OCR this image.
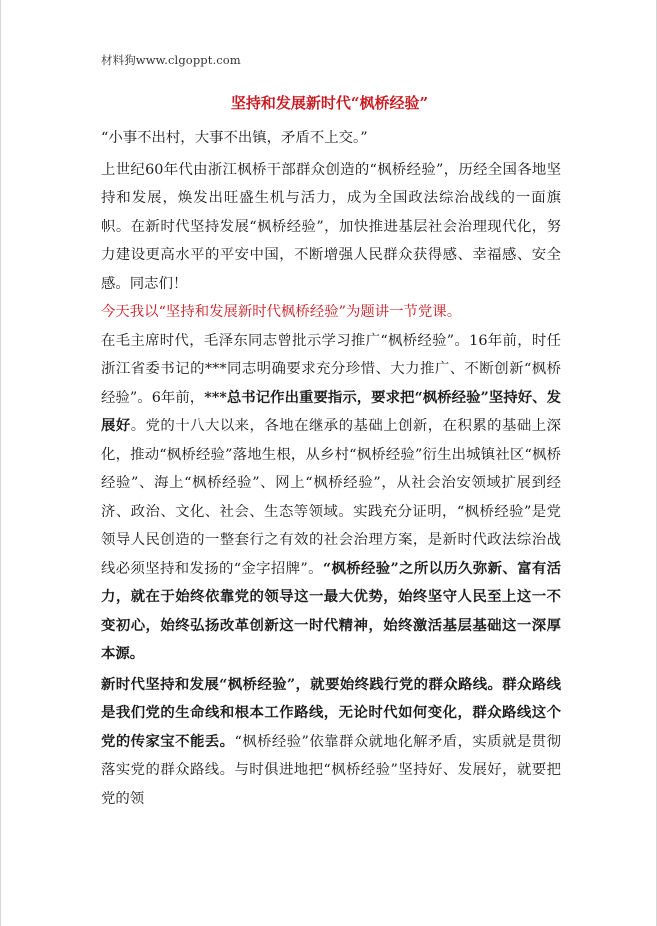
材料狗www.clgoppt.com
坚持和发展新时代“枫桥经验”

“小事不出村，大事不出镇，矛盾不上交。”

上世纪60年代由浙江枫桥干部群众创造的“枫桥经验”，历经全国各地坚持和发展，焕发出旺盛生机与活力，成为全国政法综治战线的一面旗帜。在新时代坚持发展“枫桥经验”，加快推进基层社会治理现代化，努力建设更高水平的平安中国，不断增强人民群众获得感、幸福感、安全感。同志们！

今天我以“坚持和发展新时代枫桥经验”为题讲一节党课。

在毛主席时代，毛泽东同志曾批示学习推广“枫桥经验”。16年前，时任浙江省委书记的***同志明确要求充分珍惜、大力推广、不断创新“枫桥经验”。6年前，***总书记作出重要指示，要求把“枫桥经验”坚持好、发展好。党的十八大以来，各地在继承的基础上创新，在积累的基础上深化，推动“枫桥经验”落地生根，从乡村“枫桥经验”衍生出城镇社区“枫桥经验”、海上“枫桥经验”、网上“枫桥经验”，从社会治安领域扩展到经济、政治、文化、社会、生态等领域。实践充分证明，“枫桥经验”是党领导人民创造的一整套行之有效的社会治理方案，是新时代政法综治战线必须坚持和发扬的“金字招牌”。“枫桥经验”之所以历久弥新、富有活力，就在于始终依靠党的领导这一最大优势，始终坚守人民至上这一不变初心，始终弘扬改革创新这一时代精神，始终激活基层基础这一深厚本源。

新时代坚持和发展“枫桥经验”，就要始终践行党的群众路线。群众路线是我们党的生命线和根本工作路线，无论时代如何变化，群众路线这个党的传家宝不能丢。“枫桥经验”依靠群众就地化解矛盾，实质就是贯彻落实党的群众路线。与时俱进地把“枫桥经验”坚持好、发展好，就要把党的领
